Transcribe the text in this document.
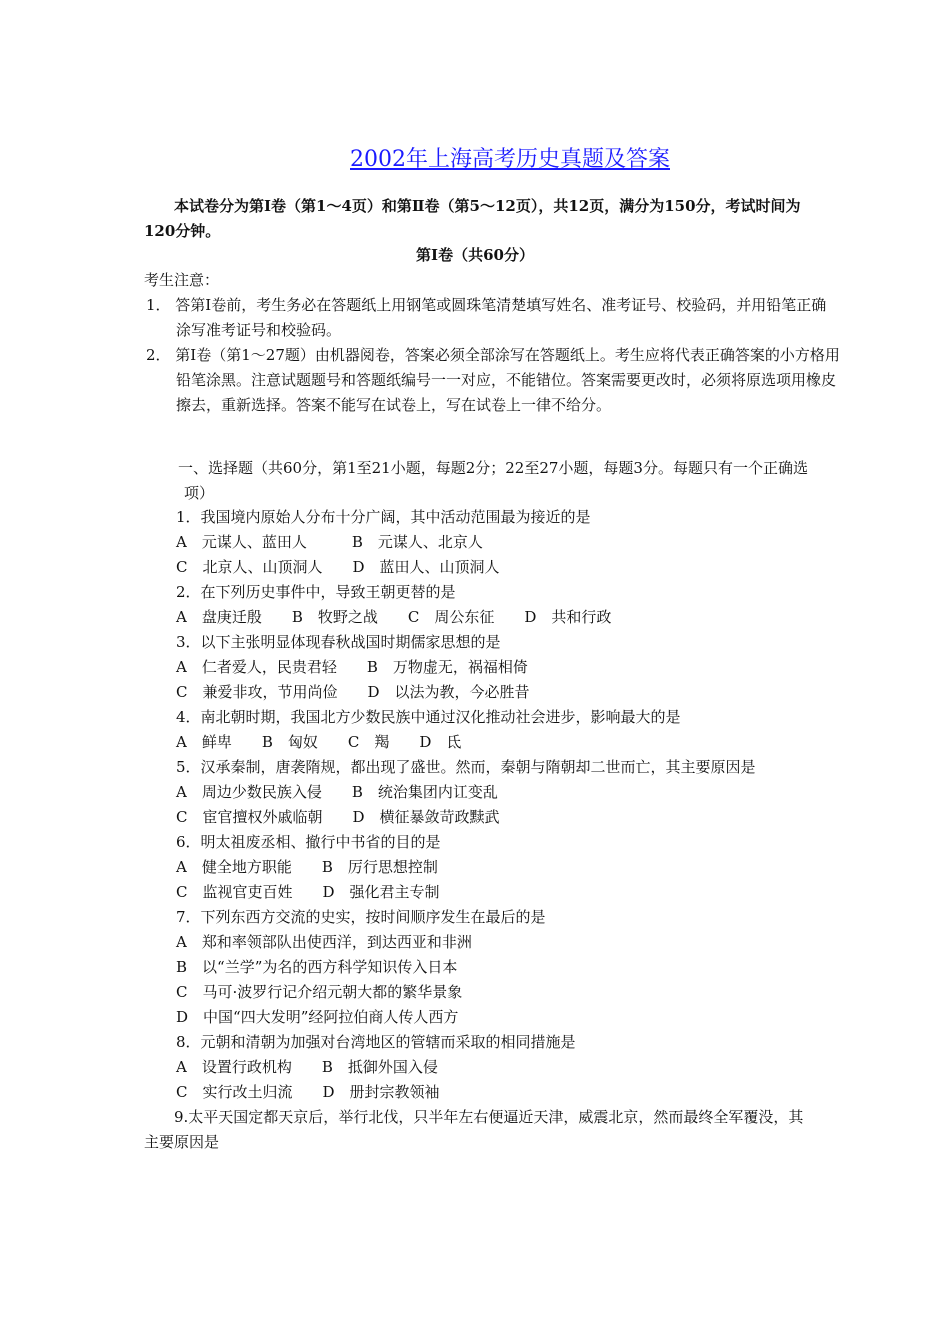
2002年上海高考历史真题及答案
本试卷分为第Ⅰ卷（第1～4页）和第Ⅱ卷（第5～12页），共12页，满分为150分，考试时间为120分钟。
第Ⅰ卷（共60分）
考生注意：
1． 答第Ⅰ卷前，考生务必在答题纸上用钢笔或圆珠笔清楚填写姓名、准考证号、校验码，并用铅笔正确涂写准考证号和校验码。
2． 第Ⅰ卷（第1～27题）由机器阅卷，答案必须全部涂写在答题纸上。考生应将代表正确答案的小方格用铅笔涂黑。注意试题题号和答题纸编号一一对应，不能错位。答案需要更改时，必须将原选项用橡皮擦去，重新选择。答案不能写在试卷上，写在试卷上一律不给分。
一、选择题（共60分，第1至21小题，每题2分；22至27小题，每题3分。每题只有一个正确选项）
1．我国境内原始人分布十分广阔，其中活动范围最为接近的是
A　元谋人、蓝田人　　　B　元谋人、北京人
C　北京人、山顶洞人　　D　蓝田人、山顶洞人
2．在下列历史事件中，导致王朝更替的是
A　盘庚迁殷　　B　牧野之战　　C　周公东征　　D　共和行政
3．以下主张明显体现春秋战国时期儒家思想的是
A　仁者爱人，民贵君轻　　B　万物虚无，祸福相倚
C　兼爱非攻，节用尚俭　　D　以法为教，今必胜昔
4．南北朝时期，我国北方少数民族中通过汉化推动社会进步，影响最大的是
A　鲜卑　　B　匈奴　　C　羯　　D　氐
5．汉承秦制，唐袭隋规，都出现了盛世。然而，秦朝与隋朝却二世而亡，其主要原因是
A　周边少数民族入侵　　B　统治集团内讧变乱
C　宦官擅权外戚临朝　　D　横征暴敛苛政黩武
6．明太祖废丞相、撤行中书省的目的是
A　健全地方职能　　B　厉行思想控制
C　监视官吏百姓　　D　强化君主专制
7．下列东西方交流的史实，按时间顺序发生在最后的是
A　郑和率领部队出使西洋，到达西亚和非洲
B　以“兰学”为名的西方科学知识传入日本
C　马可·波罗行记介绍元朝大都的繁华景象
D　中国“四大发明”经阿拉伯商人传人西方
8．元朝和清朝为加强对台湾地区的管辖而采取的相同措施是
A　设置行政机构　　B　抵御外国入侵
C　实行改土归流　　D　册封宗教领袖
9.太平天国定都天京后，举行北伐，只半年左右便逼近天津，威震北京，然而最终全军覆没，其主要原因是
